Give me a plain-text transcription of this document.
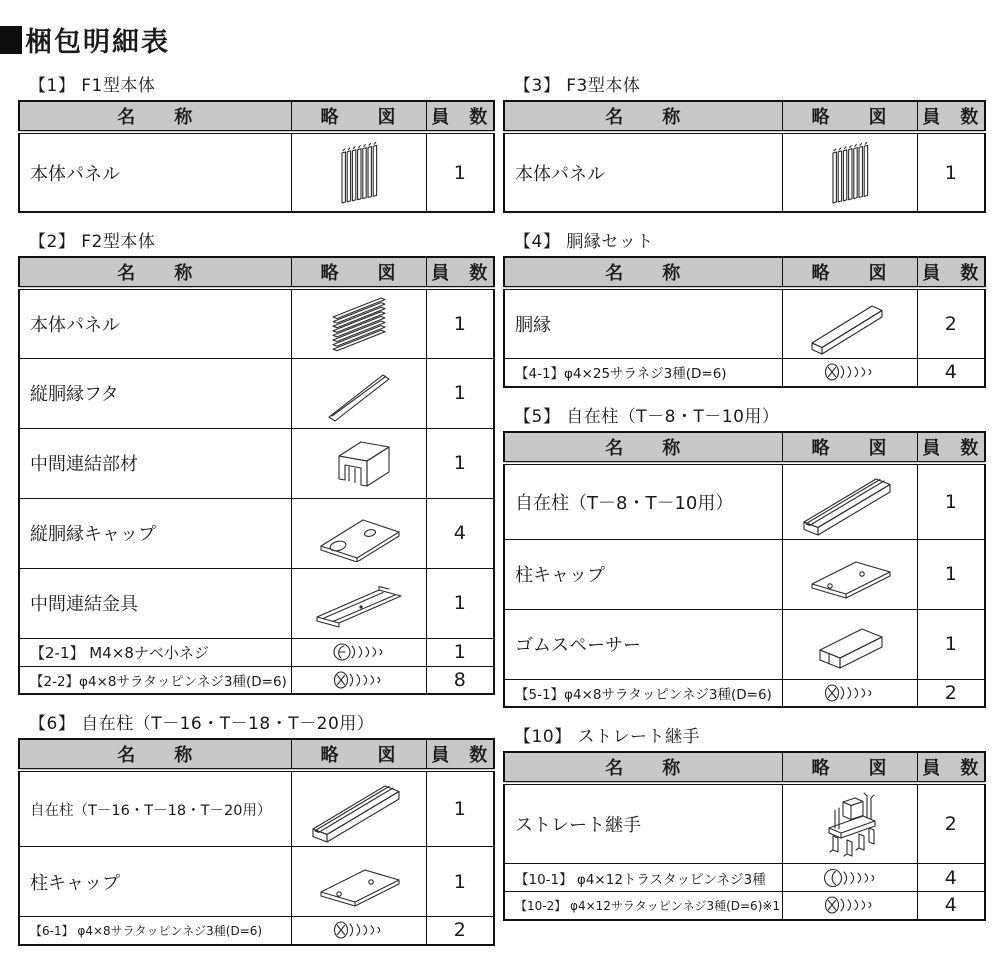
梱包明細表
【1】 F1型本体
名　　称	略　　図	員　数
本体パネル		1
【2】 F2型本体
名　　称	略　　図	員　数
本体パネル		1
縦胴縁フタ		1
中間連結部材		1
縦胴縁キャップ		4
中間連結金具		1
【2-1】 M4×8ナベ小ネジ		1
【2-2】φ4×8サラタッピンネジ3種(D=6)		8
【6】 自在柱（T－16・T－18・T－20用）
名　　称	略　　図	員　数
自在柱（T－16・T－18・T－20用）		1
柱キャップ		1
【6-1】 φ4×8サラタッピンネジ3種(D=6)		2
【3】 F3型本体
名　　称	略　　図	員　数
本体パネル		1
【4】 胴縁セット
名　　称	略　　図	員　数
胴縁		2
【4-1】φ4×25サラネジ3種(D=6)		4
【5】 自在柱（T－8・T－10用）
名　　称	略　　図	員　数
自在柱（T－8・T－10用）		1
柱キャップ		1
ゴムスペーサー		1
【5-1】φ4×8サラタッピンネジ3種(D=6)		2
【10】 ストレート継手
名　　称	略　　図	員　数
ストレート継手		2
【10-1】 φ4×12トラスタッピンネジ3種		4
【10-2】 φ4×12サラタッピンネジ3種(D=6)※1		4
